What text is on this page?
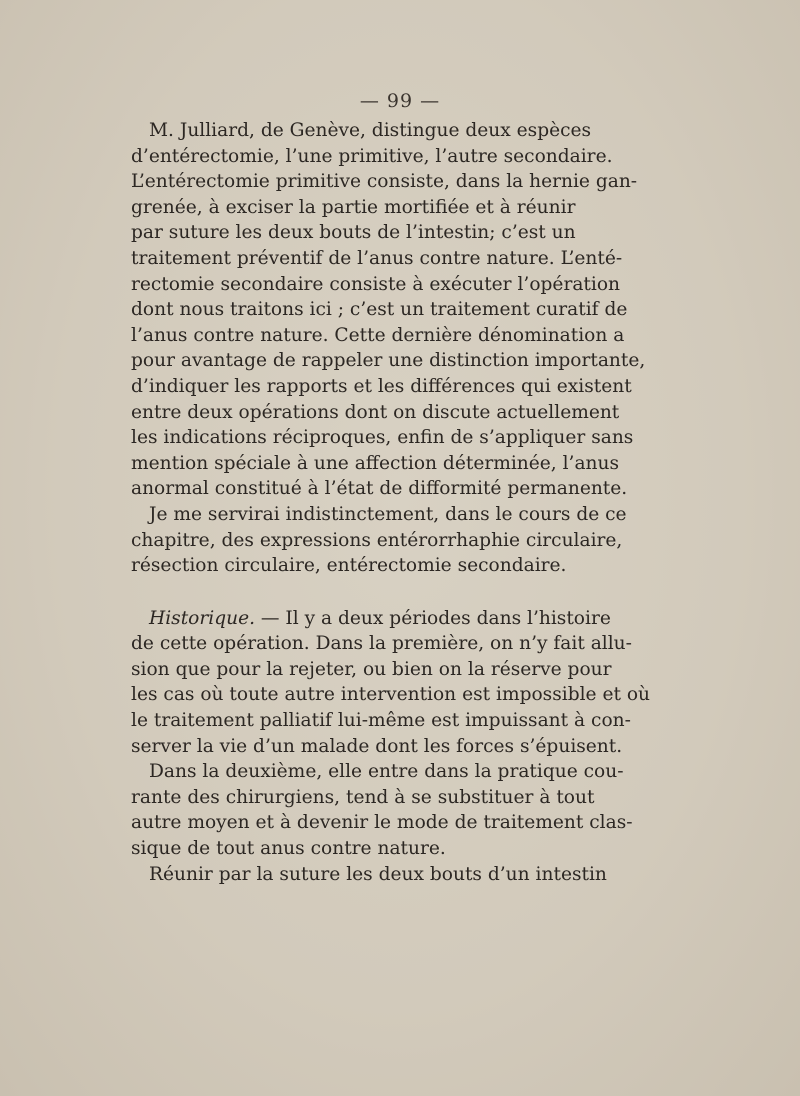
— 99 —

M. Julliard, de Genève, distingue deux espèces
d’entérectomie, l’une primitive, l’autre secondaire.
L’entérectomie primitive consiste, dans la hernie gan-
grenée, à exciser la partie mortifiée et à réunir
par suture les deux bouts de l’intestin; c’est un
traitement préventif de l’anus contre nature. L’enté-
rectomie secondaire consiste à exécuter l’opération
dont nous traitons ici ; c’est un traitement curatif de
l’anus contre nature. Cette dernière dénomination a
pour avantage de rappeler une distinction importante,
d’indiquer les rapports et les différences qui existent
entre deux opérations dont on discute actuellement
les indications réciproques, enfin de s’appliquer sans
mention spéciale à une affection déterminée, l’anus
anormal constitué à l’état de difformité permanente.

Je me servirai indistinctement, dans le cours de ce
chapitre, des expressions entérorrhaphie circulaire,
résection circulaire, entérectomie secondaire.

Historique. — Il y a deux périodes dans l’histoire
de cette opération. Dans la première, on n’y fait allu-
sion que pour la rejeter, ou bien on la réserve pour
les cas où toute autre intervention est impossible et où
le traitement palliatif lui-même est impuissant à con-
server la vie d’un malade dont les forces s’épuisent.

Dans la deuxième, elle entre dans la pratique cou-
rante des chirurgiens, tend à se substituer à tout
autre moyen et à devenir le mode de traitement clas-
sique de tout anus contre nature.

Réunir par la suture les deux bouts d’un intestin
